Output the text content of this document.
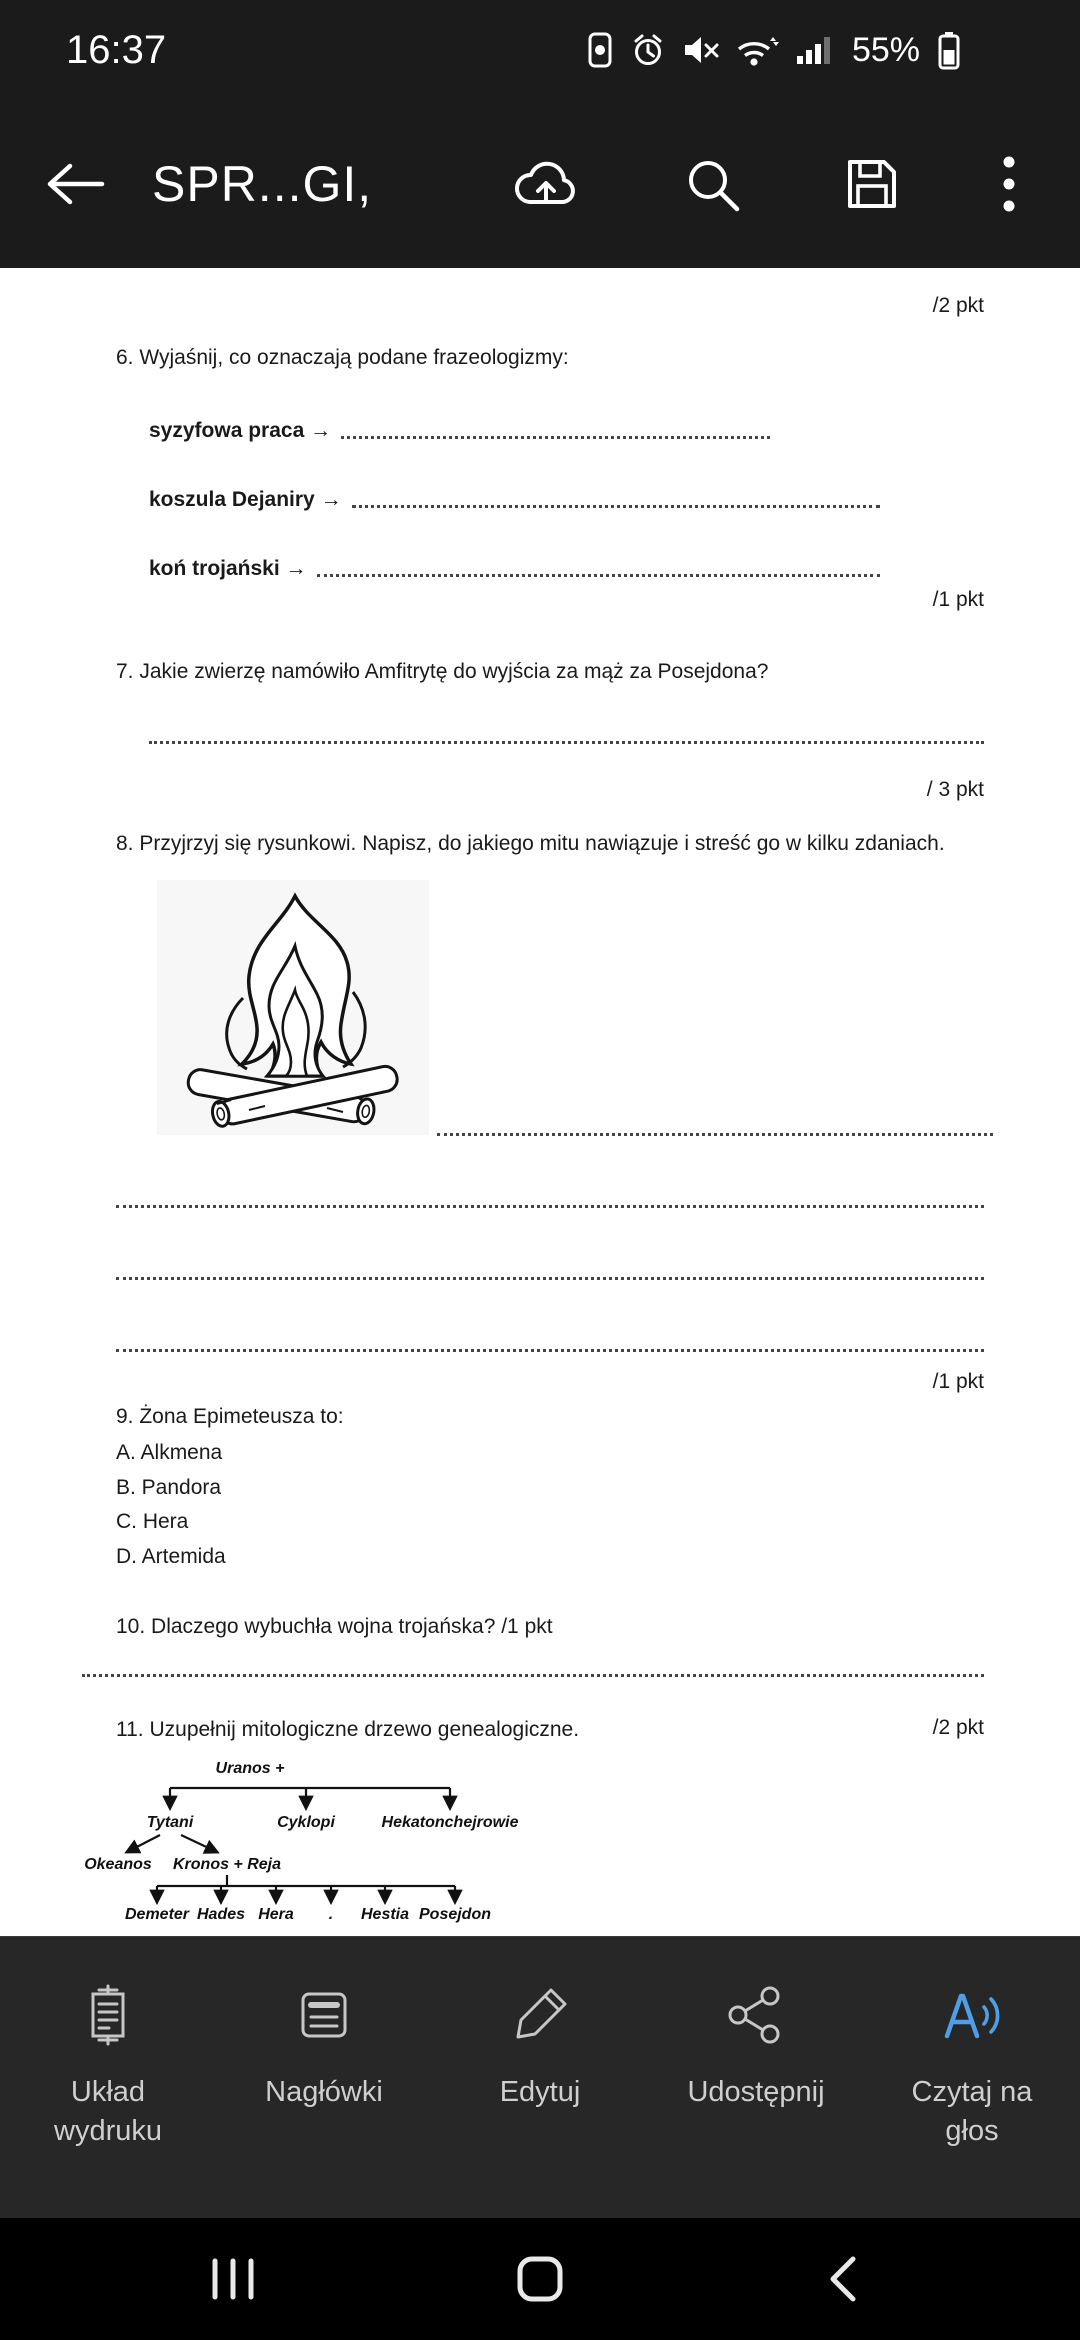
16:37	55%
SPR...GI,
/2 pkt
6. Wyjaśnij, co oznaczają podane frazeologizmy:
syzyfowa praca →
koszula Dejaniry →
koń trojański →
/1 pkt
7. Jakie zwierzę namówiło Amfitrytę do wyjścia za mąż za Posejdona?
/ 3 pkt
8. Przyjrzyj się rysunkowi. Napisz, do jakiego mitu nawiązuje i streść go w kilku zdaniach.
/1 pkt
9. Żona Epimeteusza to:
A. Alkmena
B. Pandora
C. Hera
D. Artemida
10. Dlaczego wybuchła wojna trojańska? /1 pkt
11. Uzupełnij mitologiczne drzewo genealogiczne.	/2 pkt
Uranos +
Tytani	Cyklopi	Hekatonchejrowie
Okeanos Kronos + Reja
Demeter Hades Hera . Hestia Posejdon
Układ wydruku
Nagłówki	Edytuj	Udostępnij	Czytaj na głos
